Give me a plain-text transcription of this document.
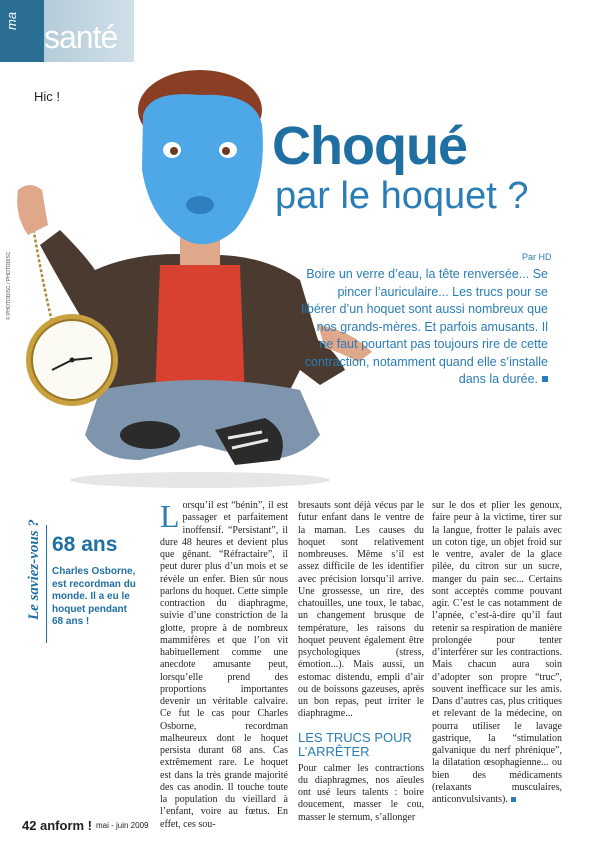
ma santé
Hic !
© PHOTODISC / PHOTODISC
Choqué
par le hoquet ?
Par HD
Boire un verre d’eau, la tête renversée... Se pincer l’auriculaire... Les trucs pour se libérer d’un hoquet sont aussi nombreux que nos grands-mères. Et parfois amusants. Il ne faut pourtant pas toujours rire de cette contraction, notamment quand elle s’installe dans la durée.
Le saviez-vous ? 68 ans
Charles Osborne, est recordman du monde. Il a eu le hoquet pendant 68 ans !
Lorsqu’il est “bénin”, il est passager et parfaitement inoffensif. “Persistant”, il dure 48 heures et devient plus que gênant. “Réfractaire”, il peut durer plus d’un mois et se révèle un enfer. Bien sûr nous parlons du hoquet. Cette simple contraction du diaphragme, suivie d’une constriction de la glotte, propre à de nombreux mammifères et que l’on vit habituellement comme une anecdote amusante peut, lorsqu’elle prend des proportions importantes devenir un véritable calvaire. Ce fut le cas pour Charles Osborne, recordman malheureux dont le hoquet persista durant 68 ans. Cas extrêmement rare. Le hoquet est dans la très grande majorité des cas anodin. Il touche toute la population du vieillard à l’enfant, voire au fœtus. En effet, ces sou-
bresauts sont déjà vécus par le futur enfant dans le ventre de la maman. Les causes du hoquet sont relativement nombreuses. Même s’il est assez difficile de les identifier avec précision lorsqu’il arrive. Une grossesse, un rire, des chatouilles, une toux, le tabac, un changement brusque de température, les raisons du hoquet peuvent également être psychologiques (stress, émotion...). Mais aussi, un estomac distendu, empli d’air ou de boissons gazeuses, après un bon repas, peut irriter le diaphragme...
LES TRUCS POUR L’ARRÊTER
Pour calmer les contractions du diaphragmes, nos aïeules ont usé leurs talents : boire doucement, masser le cou, masser le sternum, s’allonger
sur le dos et plier les genoux, faire peur à la victime, tirer sur la langue, frotter le palais avec un coton tige, un objet froid sur le ventre, avaler de la glace pilée, du citron sur un sucre, manger du pain sec... Certains sont acceptés comme pouvant agir. C’est le cas notamment de l’apnée, c’est-à-dire qu’il faut retenir sa respiration de manière prolongée pour tenter d’interférer sur les contractions. Mais chacun aura soin d’adopter son propre “truc”, souvent inefficace sur les amis. Dans d’autres cas, plus critiques et relevant de la médecine, on pourra utiliser le lavage gastrique, la “stimulation galvanique du nerf phrénique”, la dilatation œsophagienne... ou bien des médicaments (relaxants musculaires, anticonvulsivants).
42 anform ! mai - juin 2009
